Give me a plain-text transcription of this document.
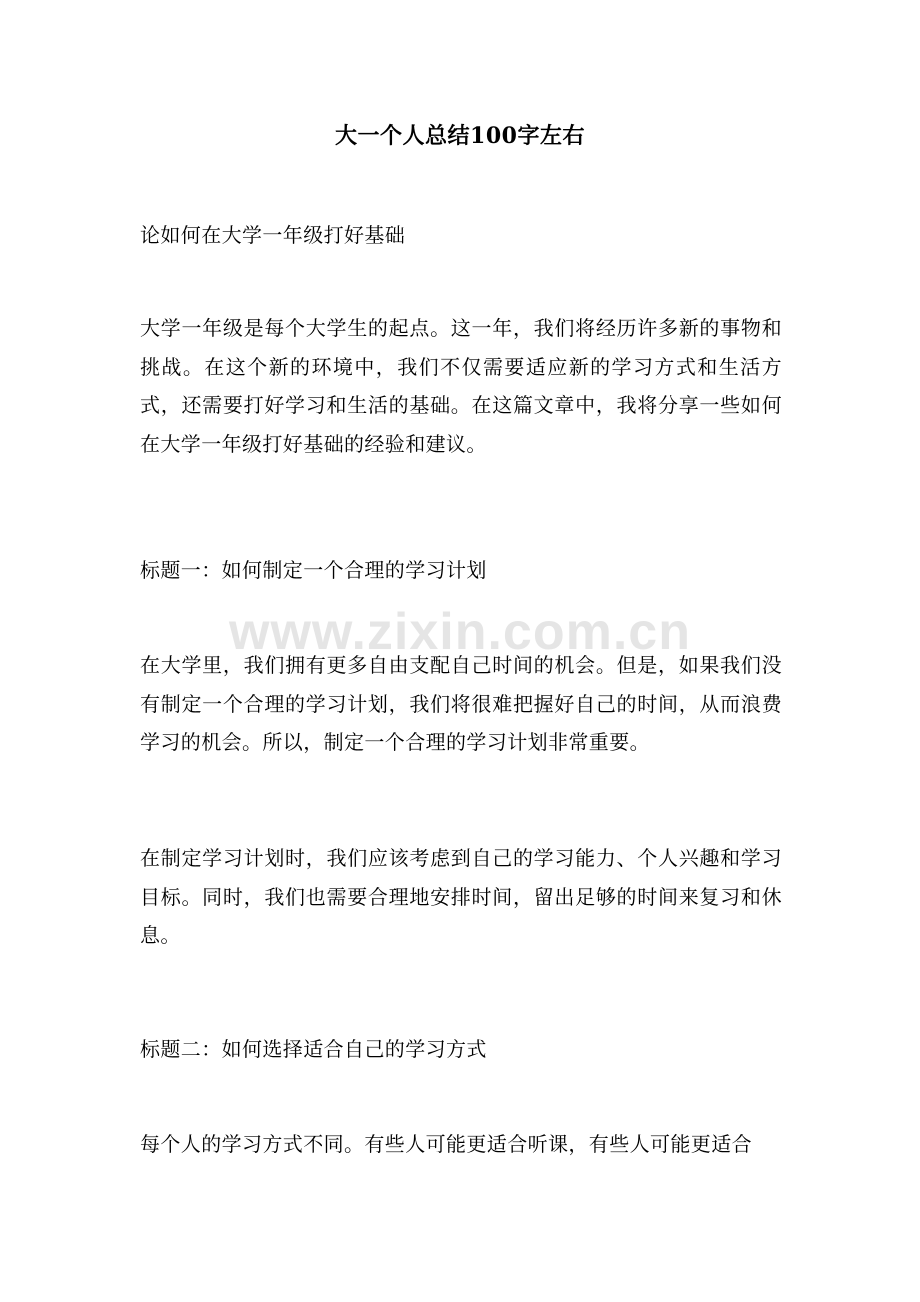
大一个人总结100字左右
论如何在大学一年级打好基础
大学一年级是每个大学生的起点。这一年，我们将经历许多新的事物和挑战。在这个新的环境中，我们不仅需要适应新的学习方式和生活方式，还需要打好学习和生活的基础。在这篇文章中，我将分享一些如何在大学一年级打好基础的经验和建议。
标题一：如何制定一个合理的学习计划
在大学里，我们拥有更多自由支配自己时间的机会。但是，如果我们没有制定一个合理的学习计划，我们将很难把握好自己的时间，从而浪费学习的机会。所以，制定一个合理的学习计划非常重要。
在制定学习计划时，我们应该考虑到自己的学习能力、个人兴趣和学习目标。同时，我们也需要合理地安排时间，留出足够的时间来复习和休息。
标题二：如何选择适合自己的学习方式
每个人的学习方式不同。有些人可能更适合听课，有些人可能更适合
www.zixin.com.cn
